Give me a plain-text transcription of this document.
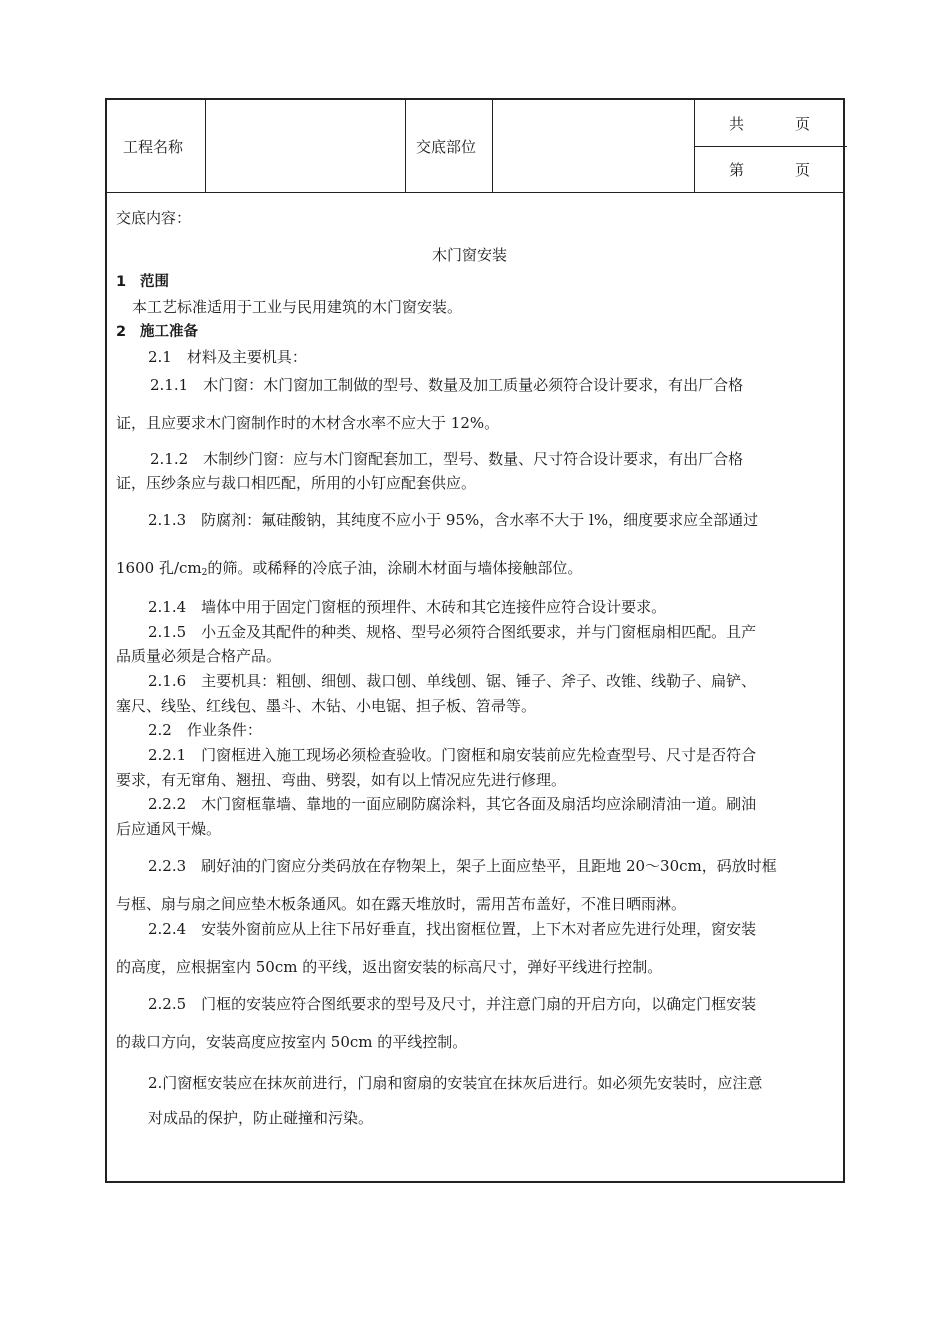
工程名称	交底部位
共	页
第	页
交底内容：
木门窗安装
1 范围
本工艺标准适用于工业与民用建筑的木门窗安装。
2 施工准备
2.1　材料及主要机具：
2.1.1　木门窗：木门窗加工制做的型号、数量及加工质量必须符合设计要求，有出厂合格
证，且应要求木门窗制作时的木材含水率不应大于 12%。
2.1.2　木制纱门窗：应与木门窗配套加工，型号、数量、尺寸符合设计要求，有出厂合格
证，压纱条应与裁口相匹配，所用的小钉应配套供应。
2.1.3　防腐剂：氟硅酸钠，其纯度不应小于 95%，含水率不大于 l%，细度要求应全部通过
1600 孔$/cm_2$的筛。或稀释的冷底子油，涂刷木材面与墙体接触部位。
2.1.4　墙体中用于固定门窗框的预埋件、木砖和其它连接件应符合设计要求。
2.1.5　小五金及其配件的种类、规格、型号必须符合图纸要求，并与门窗框扇相匹配。且产
品质量必须是合格产品。
2.1.6　主要机具：粗刨、细刨、裁口刨、单线刨、锯、锤子、斧子、改锥、线勒子、扁铲、
塞尺、线坠、红线包、墨斗、木钻、小电锯、担子板、笤帚等。
2.2　作业条件：
2.2.1　门窗框进入施工现场必须检查验收。门窗框和扇安装前应先检查型号、尺寸是否符合
要求，有无窜角、翘扭、弯曲、劈裂，如有以上情况应先进行修理。
2.2.2　木门窗框靠墙、靠地的一面应刷防腐涂料，其它各面及扇活均应涂刷清油一道。刷油
后应通风干燥。
2.2.3　刷好油的门窗应分类码放在存物架上，架子上面应垫平，且距地 20～30cm，码放时框
与框、扇与扇之间应垫木板条通风。如在露天堆放时，需用苫布盖好，不准日晒雨淋。
2.2.4　安装外窗前应从上往下吊好垂直，找出窗框位置，上下木对者应先进行处理，窗安装
的高度，应根据室内 50cm 的平线，返出窗安装的标高尺寸，弹好平线进行控制。
2.2.5　门框的安装应符合图纸要求的型号及尺寸，并注意门扇的开启方向，以确定门框安装
的裁口方向，安装高度应按室内 50cm 的平线控制。
2.门窗框安装应在抹灰前进行，门扇和窗扇的安装宜在抹灰后进行。如必须先安装时，应注意
对成品的保护，防止碰撞和污染。
